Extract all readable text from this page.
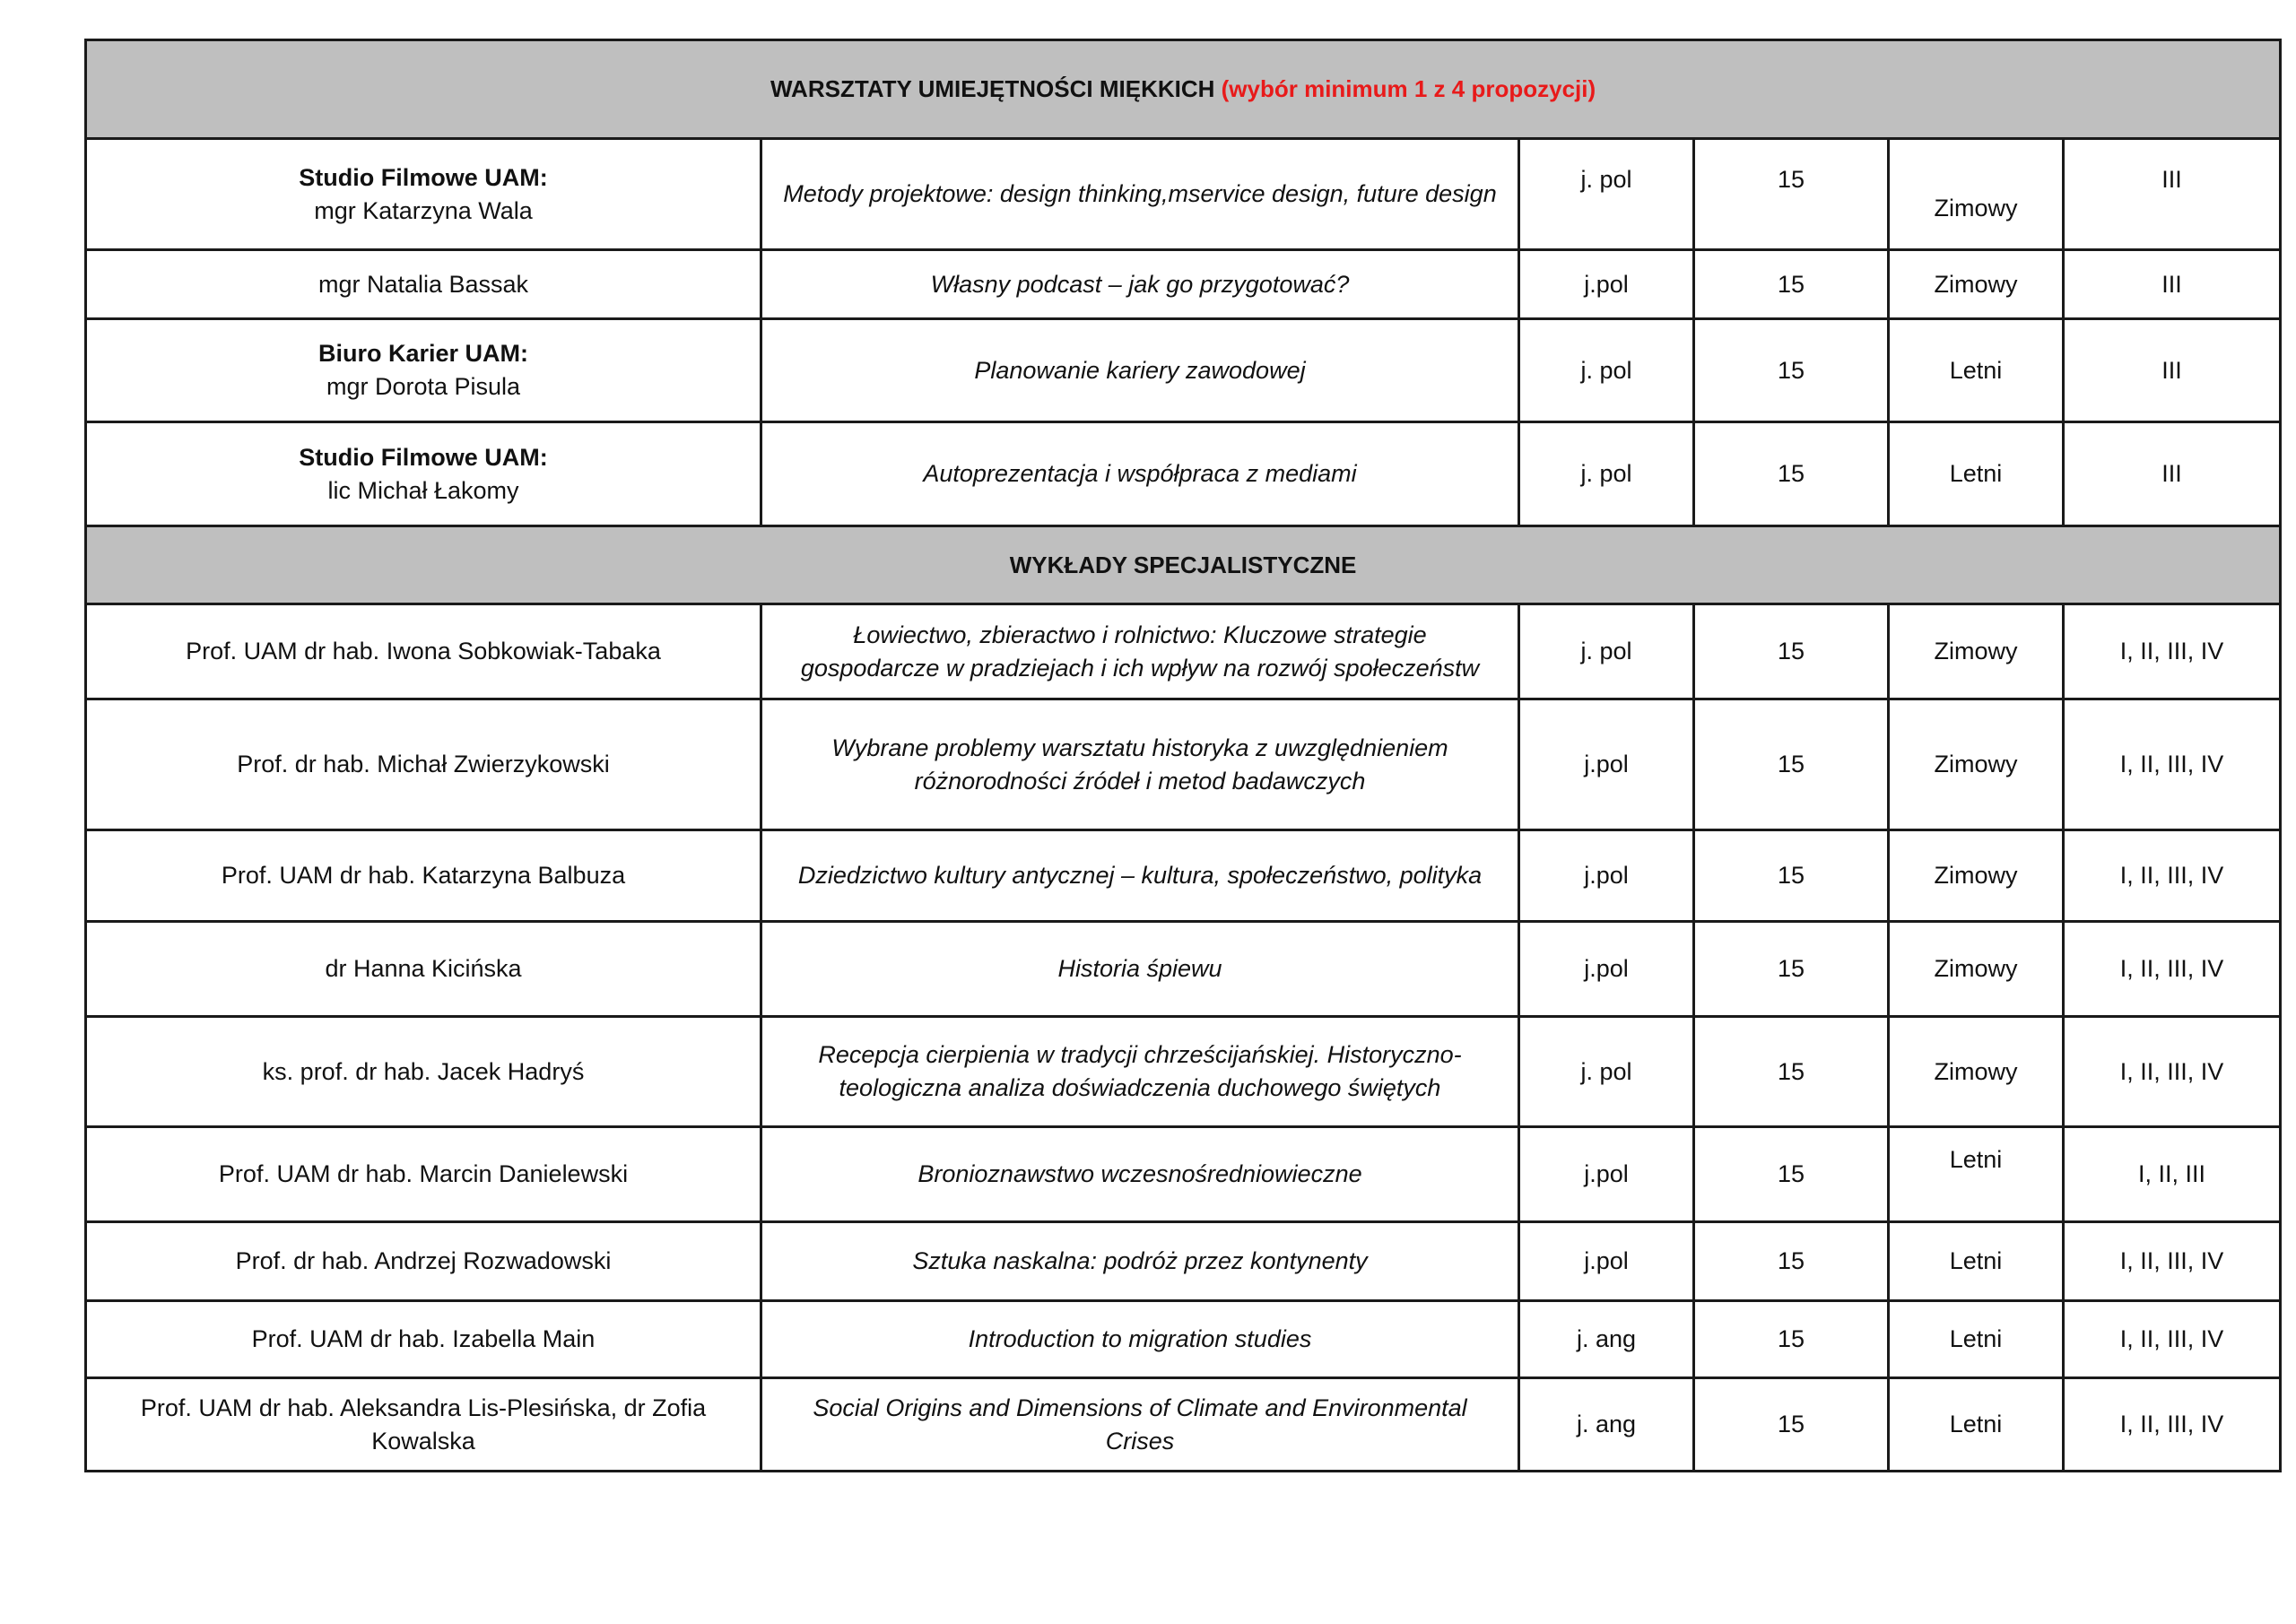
WARSZTATY UMIEJĘTNOŚCI MIĘKKICH (wybór minimum 1 z 4 propozycji)					

Studio Filmowe UAM:
mgr Katarzyna Wala	Metody projektowe: design thinking,mservice design, future design	j. pol	15	Zimowy	III
mgr Natalia Bassak	Własny podcast – jak go przygotować?	j.pol	15	Zimowy	III

Biuro Karier UAM:
mgr Dorota Pisula	Planowanie kariery zawodowej	j. pol	15	Letni	III

Studio Filmowe UAM:
lic Michał Łakomy	Autoprezentacja i współpraca z mediami	j. pol	15	Letni	III
WYKŁADY SPECJALISTYCZNE					
Prof. UAM dr hab. Iwona Sobkowiak-Tabaka	Łowiectwo, zbieractwo i rolnictwo: Kluczowe strategie gospodarcze w pradziejach i ich wpływ na rozwój społeczeństw	j. pol	15	Zimowy	I, II, III, IV
Prof. dr hab. Michał Zwierzykowski	Wybrane problemy warsztatu historyka z uwzględnieniem różnorodności źródeł i metod badawczych	j.pol	15	Zimowy	I, II, III, IV
Prof. UAM dr hab. Katarzyna Balbuza	Dziedzictwo kultury antycznej – kultura, społeczeństwo, polityka	j.pol	15	Zimowy	I, II, III, IV
dr Hanna Kicińska	Historia śpiewu	j.pol	15	Zimowy	I, II, III, IV
ks. prof. dr hab. Jacek Hadryś	Recepcja cierpienia w tradycji chrześcijańskiej. Historyczno-teologiczna analiza doświadczenia duchowego świętych	j. pol	15	Zimowy	I, II, III, IV
Prof. UAM dr hab. Marcin Danielewski	Bronioznawstwo wczesnośredniowieczne	j.pol	15	Letni	I, II, III
Prof. dr hab. Andrzej Rozwadowski	Sztuka naskalna: podróż przez kontynenty	j.pol	15	Letni	I, II, III, IV
Prof. UAM dr hab. Izabella Main	Introduction to migration studies	j. ang	15	Letni	I, II, III, IV
Prof. UAM dr hab. Aleksandra Lis-Plesińska, dr Zofia Kowalska	Social Origins and Dimensions of Climate and Environmental Crises	j. ang	15	Letni	I, II, III, IV
